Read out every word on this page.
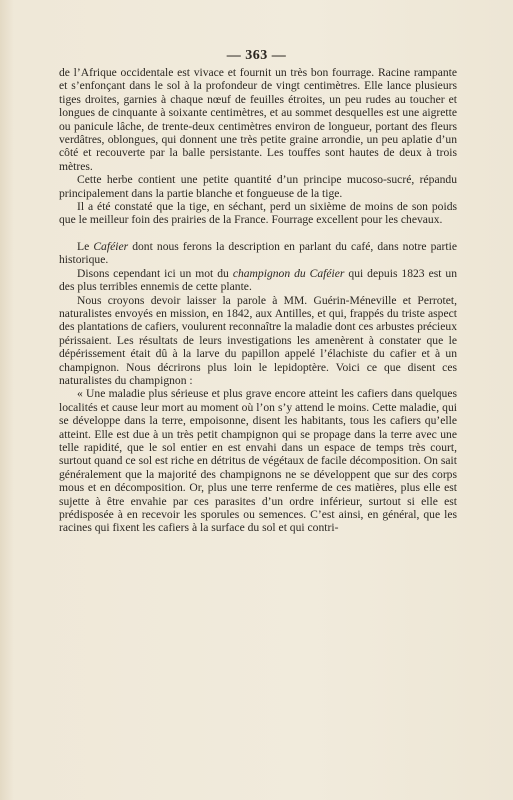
— 363 —

de l’Afrique occidentale est vivace et fournit un très bon fourrage. Racine rampante et s’enfonçant dans le sol à la profondeur de vingt centimètres. Elle lance plusieurs tiges droites, garnies à chaque nœuf de feuilles étroites, un peu rudes au toucher et longues de cinquante à soixante centimètres, et au sommet desquelles est une aigrette ou panicule lâche, de trente-deux centimètres environ de longueur, portant des fleurs verdâtres, oblongues, qui donnent une très petite graine arrondie, un peu aplatie d’un côté et recouverte par la balle persistante. Les touffes sont hautes de deux à trois mètres.

Cette herbe contient une petite quantité d’un principe mucoso-sucré, répandu principalement dans la partie blanche et fongueuse de la tige.

Il a été constaté que la tige, en séchant, perd un sixième de moins de son poids que le meilleur foin des prairies de la France. Fourrage excellent pour les chevaux.

Le Caféier dont nous ferons la description en parlant du café, dans notre partie historique.

Disons cependant ici un mot du champignon du Caféier qui depuis 1823 est un des plus terribles ennemis de cette plante.

Nous croyons devoir laisser la parole à MM. Guérin-Méneville et Perrotet, naturalistes envoyés en mission, en 1842, aux Antilles, et qui, frappés du triste aspect des plantations de cafiers, voulurent reconnaître la maladie dont ces arbustes précieux périssaient. Les résultats de leurs investigations les amenèrent à constater que le dépérissement était dû à la larve du papillon appelé l’élachiste du cafier et à un champignon. Nous décrirons plus loin le lepidoptère. Voici ce que disent ces naturalistes du champignon :

« Une maladie plus sérieuse et plus grave encore atteint les cafiers dans quelques localités et cause leur mort au moment où l’on s’y attend le moins. Cette maladie, qui se développe dans la terre, empoisonne, disent les habitants, tous les cafiers qu’elle atteint. Elle est due à un très petit champignon qui se propage dans la terre avec une telle rapidité, que le sol entier en est envahi dans un espace de temps très court, surtout quand ce sol est riche en détritus de végétaux de facile décomposition. On sait généralement que la majorité des champignons ne se développent que sur des corps mous et en décomposition. Or, plus une terre renferme de ces matières, plus elle est sujette à être envahie par ces parasites d’un ordre inférieur, surtout si elle est prédisposée à en recevoir les sporules ou semences. C’est ainsi, en général, que les racines qui fixent les cafiers à la surface du sol et qui contri-
